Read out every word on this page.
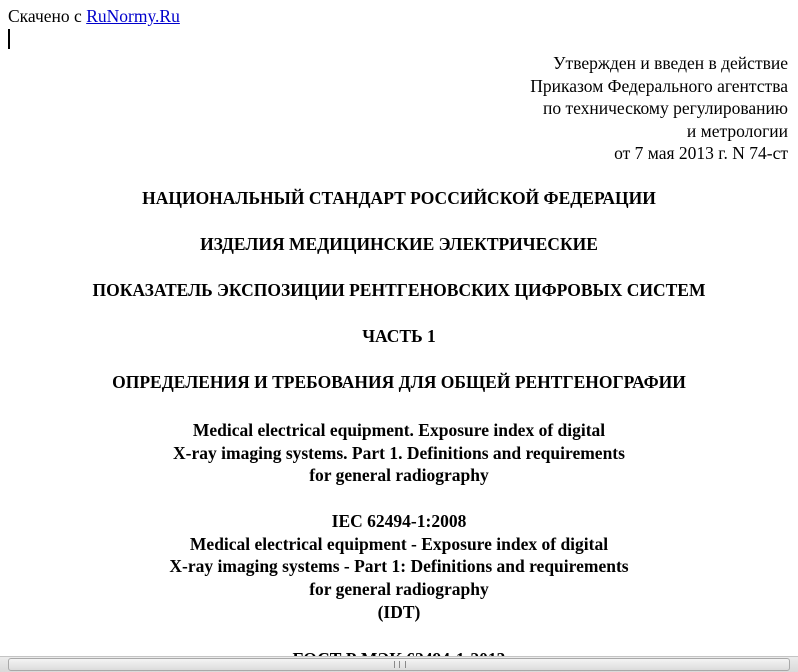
Скачено с RuNormy.Ru
Утвержден и введен в действие
Приказом Федерального агентства
по техническому регулированию
и метрологии
от 7 мая 2013 г. N 74-ст
НАЦИОНАЛЬНЫЙ СТАНДАРТ РОССИЙСКОЙ ФЕДЕРАЦИИ
ИЗДЕЛИЯ МЕДИЦИНСКИЕ ЭЛЕКТРИЧЕСКИЕ
ПОКАЗАТЕЛЬ ЭКСПОЗИЦИИ РЕНТГЕНОВСКИХ ЦИФРОВЫХ СИСТЕМ
ЧАСТЬ 1
ОПРЕДЕЛЕНИЯ И ТРЕБОВАНИЯ ДЛЯ ОБЩЕЙ РЕНТГЕНОГРАФИИ
Medical electrical equipment. Exposure index of digital
X-ray imaging systems. Part 1. Definitions and requirements
for general radiography
IEC 62494-1:2008
Medical electrical equipment - Exposure index of digital
X-ray imaging systems - Part 1: Definitions and requirements
for general radiography
(IDT)
